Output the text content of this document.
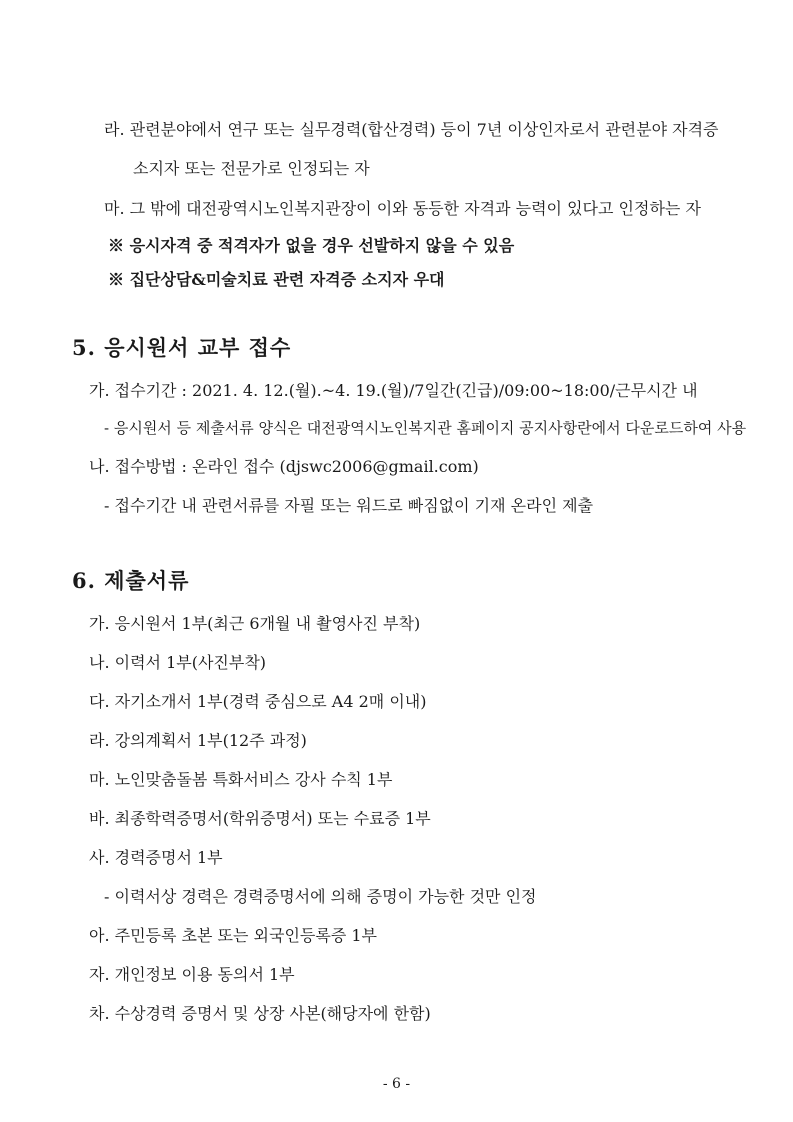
라. 관련분야에서 연구 또는 실무경력(합산경력) 등이 7년 이상인자로서 관련분야 자격증
소지자 또는 전문가로 인정되는 자
마. 그 밖에 대전광역시노인복지관장이 이와 동등한 자격과 능력이 있다고 인정하는 자
※ 응시자격 중 적격자가 없을 경우 선발하지 않을 수 있음
※ 집단상담&미술치료 관련 자격증 소지자 우대
5. 응시원서 교부 접수
가. 접수기간 : 2021. 4. 12.(월).~4. 19.(월)/7일간(긴급)/09:00~18:00/근무시간 내
- 응시원서 등 제출서류 양식은 대전광역시노인복지관 홈페이지 공지사항란에서 다운로드하여 사용
나. 접수방법 : 온라인 접수 (djswc2006@gmail.com)
- 접수기간 내 관련서류를 자필 또는 워드로 빠짐없이 기재 온라인 제출
6. 제출서류
가. 응시원서 1부(최근 6개월 내 촬영사진 부착)
나. 이력서 1부(사진부착)
다. 자기소개서 1부(경력 중심으로 A4 2매 이내)
라. 강의계획서 1부(12주 과정)
마. 노인맞춤돌봄 특화서비스 강사 수칙 1부
바. 최종학력증명서(학위증명서) 또는 수료증 1부
사. 경력증명서 1부
- 이력서상 경력은 경력증명서에 의해 증명이 가능한 것만 인정
아. 주민등록 초본 또는 외국인등록증 1부
자. 개인정보 이용 동의서 1부
차. 수상경력 증명서 및 상장 사본(해당자에 한함)
- 6 -
